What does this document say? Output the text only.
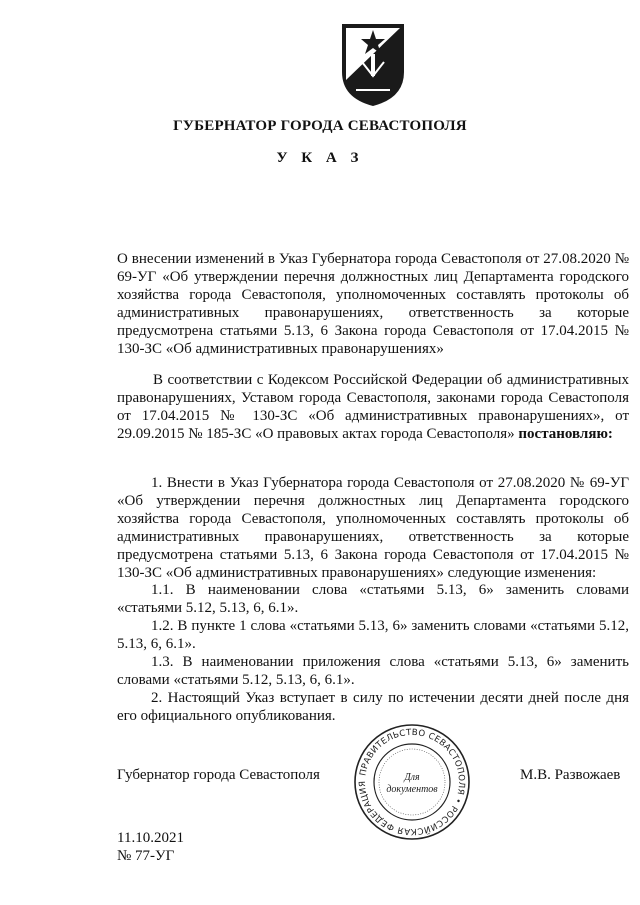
ГУБЕРНАТОР ГОРОДА СЕВАСТОПОЛЯ
У К А З

О внесении изменений в Указ Губернатора города Севастополя от 27.08.2020 № 69-УГ «Об утверждении перечня должностных лиц Департамента городского хозяйства города Севастополя, уполномоченных составлять протоколы об административных правонарушениях, ответственность за которые предусмотрена статьями 5.13, 6 Закона города Севастополя от 17.04.2015 № 130-ЗС «Об административных правонарушениях»

В соответствии с Кодексом Российской Федерации об административных правонарушениях, Уставом города Севастополя, законами города Севастополя от 17.04.2015 № 130-ЗС «Об административных правонарушениях», от 29.09.2015 № 185-ЗС «О правовых актах города Севастополя» постановляю:

1. Внести в Указ Губернатора города Севастополя от 27.08.2020 № 69-УГ «Об утверждении перечня должностных лиц Департамента городского хозяйства города Севастополя, уполномоченных составлять протоколы об административных правонарушениях, ответственность за которые предусмотрена статьями 5.13, 6 Закона города Севастополя от 17.04.2015 № 130-ЗС «Об административных правонарушениях» следующие изменения:

1.1. В наименовании слова «статьями 5.13, 6» заменить словами «статьями 5.12, 5.13, 6, 6.1».

1.2. В пункте 1 слова «статьями 5.13, 6» заменить словами «статьями 5.12, 5.13, 6, 6.1».

1.3. В наименовании приложения слова «статьями 5.13, 6» заменить словами «статьями 5.12, 5.13, 6, 6.1».

2. Настоящий Указ вступает в силу по истечении десяти дней после дня его официального опубликования.

Губернатор города Севастополя	М.В. Развожаев
ПРАВИТЕЛЬСТВО СЕВАСТОПОЛЯ • РОССИЙСКАЯ ФЕДЕРАЦИЯ
Для
документов
11.10.2021
№ 77-УГ
